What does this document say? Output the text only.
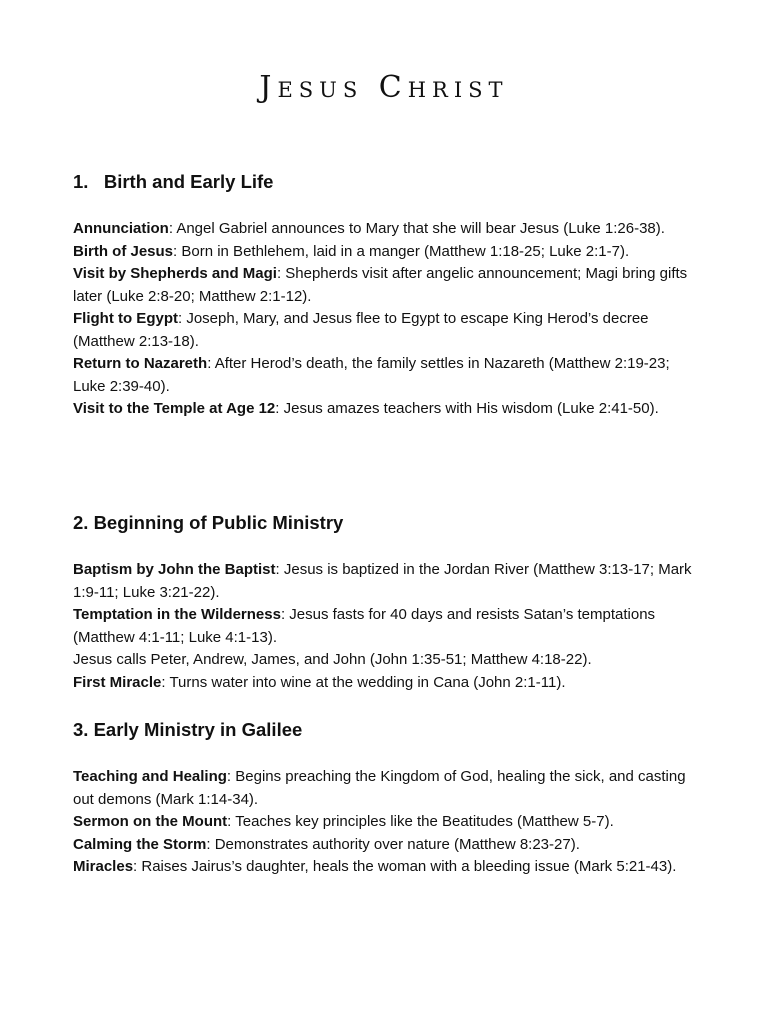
Jesus Christ
1.   Birth and Early Life

Annunciation: Angel Gabriel announces to Mary that she will bear Jesus (Luke 1:26-38).

Birth of Jesus: Born in Bethlehem, laid in a manger (Matthew 1:18-25; Luke 2:1-7).

Visit by Shepherds and Magi: Shepherds visit after angelic announcement; Magi bring gifts later (Luke 2:8-20; Matthew 2:1-12).

Flight to Egypt: Joseph, Mary, and Jesus flee to Egypt to escape King Herod’s decree (Matthew 2:13-18).

Return to Nazareth: After Herod’s death, the family settles in Nazareth (Matthew 2:19-23; Luke 2:39-40).

Visit to the Temple at Age 12: Jesus amazes teachers with His wisdom (Luke 2:41-50).

2. Beginning of Public Ministry

Baptism by John the Baptist: Jesus is baptized in the Jordan River (Matthew 3:13-17; Mark 1:9-11; Luke 3:21-22).

Temptation in the Wilderness: Jesus fasts for 40 days and resists Satan’s temptations (Matthew 4:1-11; Luke 4:1-13).

Jesus calls Peter, Andrew, James, and John (John 1:35-51; Matthew 4:18-22).

First Miracle: Turns water into wine at the wedding in Cana (John 2:1-11).

3. Early Ministry in Galilee

Teaching and Healing: Begins preaching the Kingdom of God, healing the sick, and casting out demons (Mark 1:14-34).

Sermon on the Mount: Teaches key principles like the Beatitudes (Matthew 5-7).

Calming the Storm: Demonstrates authority over nature (Matthew 8:23-27).

Miracles: Raises Jairus’s daughter, heals the woman with a bleeding issue (Mark 5:21-43).
